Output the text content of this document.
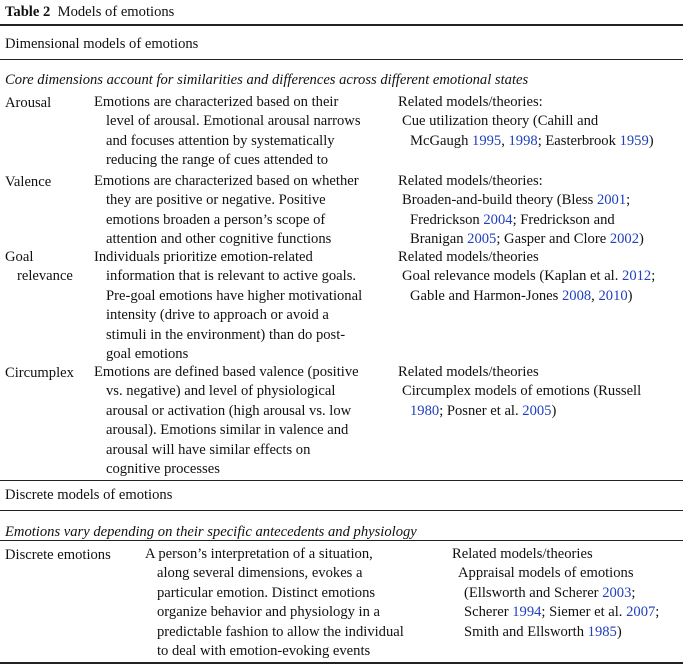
Table 2 Models of emotions
Dimensional models of emotions
Core dimensions account for similarities and differences across different emotional states
Arousal	Emotions are characterized based on their
level of arousal. Emotional arousal narrows
and focuses attention by systematically
reducing the range of cues attended to
Related models/theories:
Cue utilization theory (Cahill and
McGaugh 1995, 1998; Easterbrook 1959)
Valence	Emotions are characterized based on whether
they are positive or negative. Positive
emotions broaden a person’s scope of
attention and other cognitive functions
Related models/theories:
Broaden-and-build theory (Bless 2001;
Fredrickson 2004; Fredrickson and
Branigan 2005; Gasper and Clore 2002)
Goal
relevance
Individuals prioritize emotion-related
information that is relevant to active goals.
Pre-goal emotions have higher motivational
intensity (drive to approach or avoid a
stimuli in the environment) than do post-
goal emotions
Related models/theories
Goal relevance models (Kaplan et al. 2012;
Gable and Harmon-Jones 2008, 2010)
Circumplex Emotions are defined based valence (positive
vs. negative) and level of physiological
arousal or activation (high arousal vs. low
arousal). Emotions similar in valence and
arousal will have similar effects on
cognitive processes
Related models/theories
Circumplex models of emotions (Russell
1980; Posner et al. 2005)
Discrete models of emotions
Emotions vary depending on their specific antecedents and physiology
Discrete emotions A person’s interpretation of a situation,
along several dimensions, evokes a
particular emotion. Distinct emotions
organize behavior and physiology in a
predictable fashion to allow the individual
to deal with emotion-evoking events
Related models/theories
Appraisal models of emotions
(Ellsworth and Scherer 2003;
Scherer 1994; Siemer et al. 2007;
Smith and Ellsworth 1985)
